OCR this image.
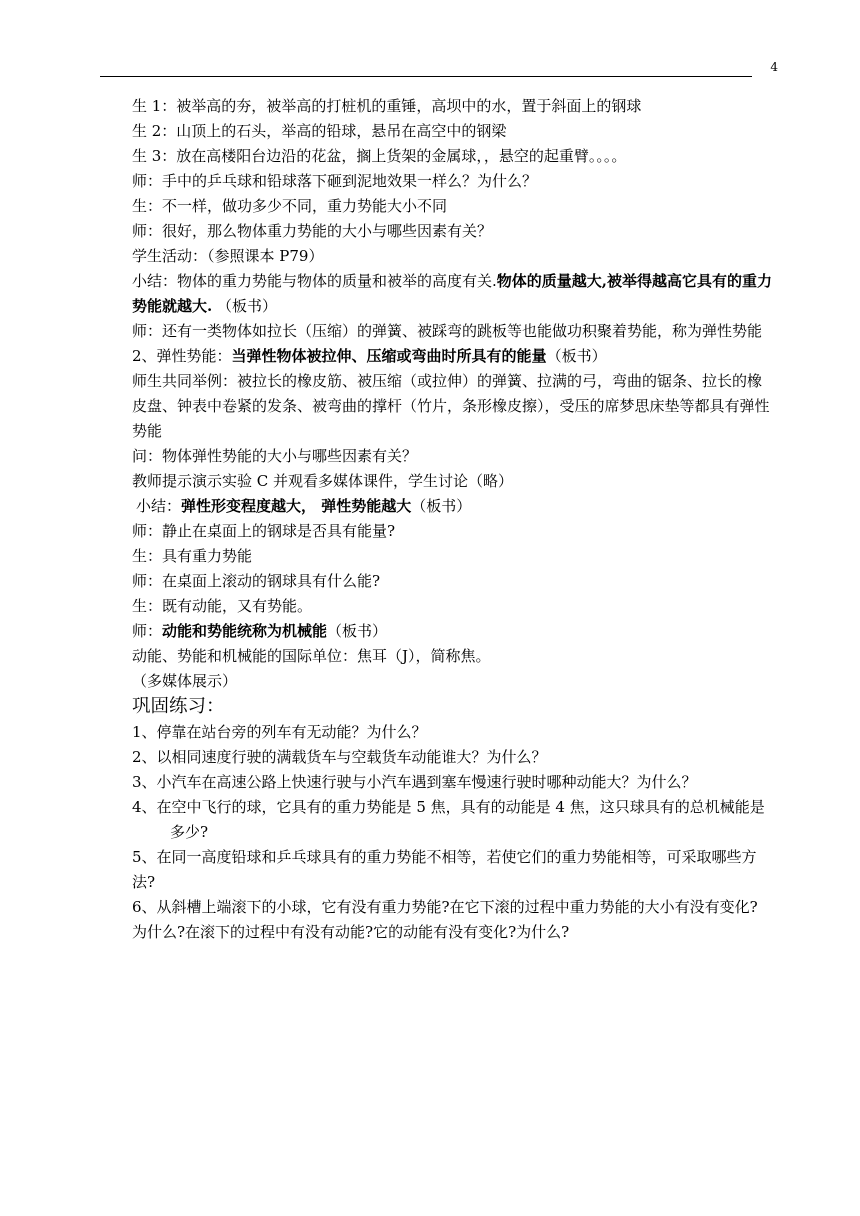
4

生 1：被举高的夯，被举高的打桩机的重锤，高坝中的水，置于斜面上的钢球

生 2：山顶上的石头，举高的铅球，悬吊在高空中的钢梁

生 3：放在高楼阳台边沿的花盆，搁上货架的金属球，，悬空的起重臂。。。。

师：手中的乒乓球和铅球落下砸到泥地效果一样么？为什么？

生：不一样，做功多少不同，重力势能大小不同

师：很好，那么物体重力势能的大小与哪些因素有关？

学生活动：（参照课本 P79）

小结：物体的重力势能与物体的质量和被举的高度有关.物体的质量越大,被举得越高它具有的重力势能就越大. （板书）

师：还有一类物体如拉长（压缩）的弹簧、被踩弯的跳板等也能做功积聚着势能，称为弹性势能

2、弹性势能：当弹性物体被拉伸、压缩或弯曲时所具有的能量（板书）

师生共同举例：被拉长的橡皮筋、被压缩（或拉伸）的弹簧、拉满的弓，弯曲的锯条、拉长的橡皮盘、钟表中卷紧的发条、被弯曲的撑杆（竹片，条形橡皮擦），受压的席梦思床垫等都具有弹性势能

问：物体弹性势能的大小与哪些因素有关？

教师提示演示实验 C 并观看多媒体课件，学生讨论（略）

小结：弹性形变程度越大， 弹性势能越大（板书）

师：静止在桌面上的钢球是否具有能量?

生：具有重力势能

师：在桌面上滚动的钢球具有什么能?

生：既有动能，又有势能。

师：动能和势能统称为机械能（板书）

动能、势能和机械能的国际单位：焦耳（J），简称焦。

（多媒体展示）

巩固练习：

1、停靠在站台旁的列车有无动能？为什么？

2、以相同速度行驶的满载货车与空载货车动能谁大？为什么？

3、小汽车在高速公路上快速行驶与小汽车遇到塞车慢速行驶时哪种动能大？为什么？

4、在空中飞行的球，它具有的重力势能是 5 焦，具有的动能是 4 焦，这只球具有的总机械能是多少?

5、在同一高度铅球和乒乓球具有的重力势能不相等，若使它们的重力势能相等，可采取哪些方法?

6、从斜槽上端滚下的小球，它有没有重力势能?在它下滚的过程中重力势能的大小有没有变化?为什么?在滚下的过程中有没有动能?它的动能有没有变化?为什么?
